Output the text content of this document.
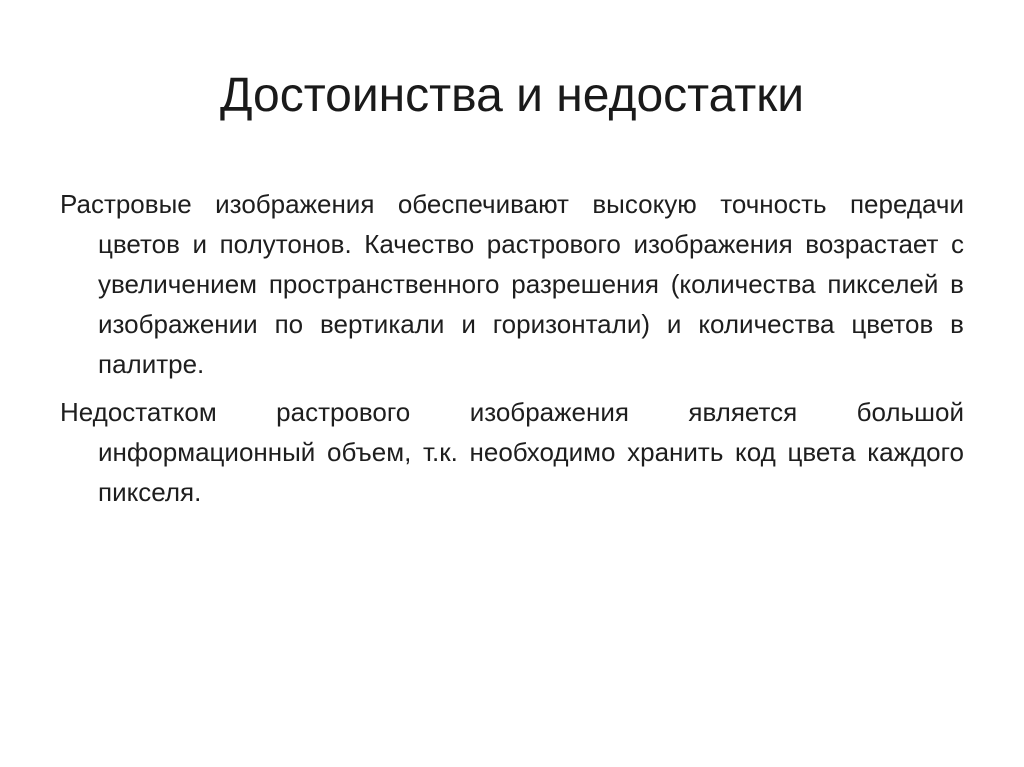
Достоинства и недостатки

Растровые изображения обеспечивают высокую точность передачи цветов и полутонов. Качество растрового изображения возрастает с увеличением пространственного разрешения (количества пикселей в изображении по вертикали и горизонтали) и количества цветов в палитре.

Недостатком растрового изображения является большой информационный объем, т.к. необходимо хранить код цвета каждого пикселя.
